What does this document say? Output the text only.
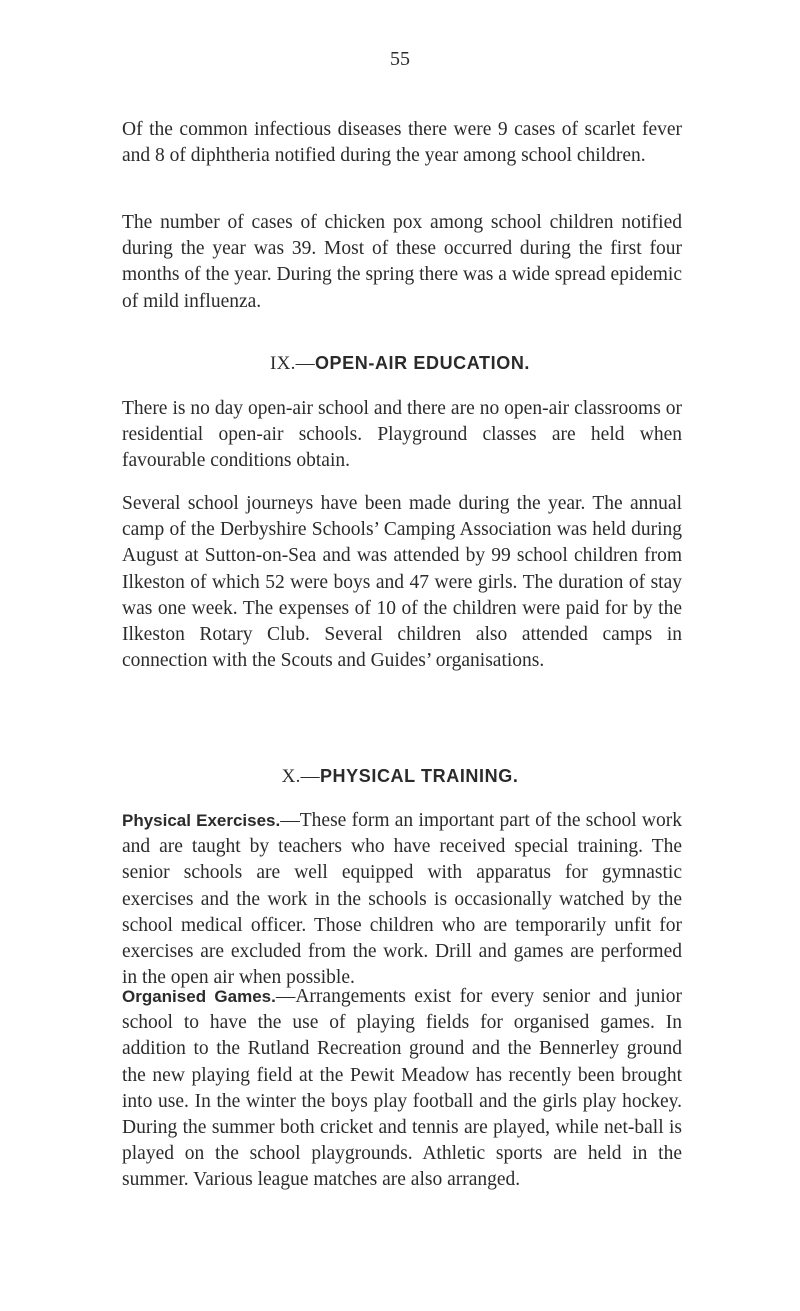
55

Of the common infectious diseases there were 9 cases of scarlet fever and 8 of diphtheria notified during the year among school children.

The number of cases of chicken pox among school children notified during the year was 39. Most of these occurred during the first four months of the year. During the spring there was a wide spread epidemic of mild influenza.

IX.—OPEN-AIR EDUCATION.

There is no day open-air school and there are no open-air classrooms or residential open-air schools. Playground classes are held when favourable conditions obtain.

Several school journeys have been made during the year. The annual camp of the Derbyshire Schools’ Camping Association was held during August at Sutton-on-Sea and was attended by 99 school children from Ilkeston of which 52 were boys and 47 were girls. The duration of stay was one week. The expenses of 10 of the children were paid for by the Ilkeston Rotary Club. Several children also attended camps in connection with the Scouts and Guides’ organisations.

X.—PHYSICAL TRAINING.

Physical Exercises.—These form an important part of the school work and are taught by teachers who have received special training. The senior schools are well equipped with apparatus for gymnastic exercises and the work in the schools is occasionally watched by the school medical officer. Those children who are temporarily unfit for exercises are excluded from the work. Drill and games are performed in the open air when possible.

Organised Games.—Arrangements exist for every senior and junior school to have the use of playing fields for organised games. In addition to the Rutland Recreation ground and the Bennerley ground the new playing field at the Pewit Meadow has recently been brought into use. In the winter the boys play football and the girls play hockey. During the summer both cricket and tennis are played, while net-ball is played on the school playgrounds. Athletic sports are held in the summer. Various league matches are also arranged.
